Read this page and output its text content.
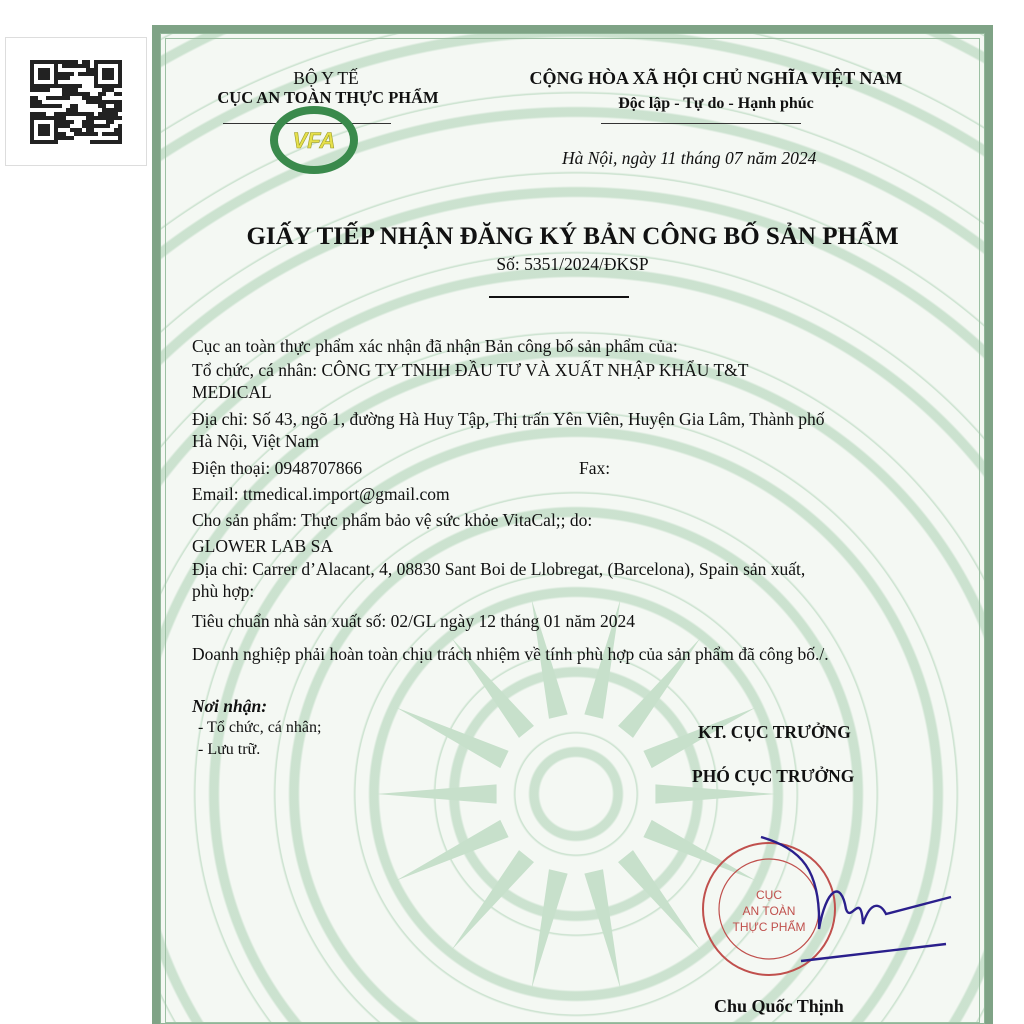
BỘ Y TẾ
CỤC AN TOÀN THỰC PHẨM
VFA
CỘNG HÒA XÃ HỘI CHỦ NGHĨA VIỆT NAM
Độc lập - Tự do - Hạnh phúc
Hà Nội, ngày 11 tháng 07 năm 2024
GIẤY TIẾP NHẬN ĐĂNG KÝ BẢN CÔNG BỐ SẢN PHẨM
Số: 5351/2024/ĐKSP
Cục an toàn thực phẩm xác nhận đã nhận Bản công bố sản phẩm của:
Tổ chức, cá nhân: CÔNG TY TNHH ĐẦU TƯ VÀ XUẤT NHẬP KHẨU T&T
MEDICAL
Địa chỉ: Số 43, ngõ 1, đường Hà Huy Tập, Thị trấn Yên Viên, Huyện Gia Lâm, Thành phố
Hà Nội, Việt Nam
Điện thoại: 0948707866	Fax:
Email: ttmedical.import@gmail.com
Cho sản phẩm: Thực phẩm bảo vệ sức khỏe VitaCal;; do:
GLOWER LAB SA
Địa chỉ: Carrer d’Alacant, 4, 08830 Sant Boi de Llobregat, (Barcelona), Spain sản xuất,
phù hợp:
Tiêu chuẩn nhà sản xuất số: 02/GL ngày 12 tháng 01 năm 2024
Doanh nghiệp phải hoàn toàn chịu trách nhiệm về tính phù hợp của sản phẩm đã công bố./.
Nơi nhận:
- Tổ chức, cá nhân;
- Lưu trữ.
KT. CỤC TRƯỞNG
PHÓ CỤC TRƯỞNG
CỤC
AN TOÀN
THỰC PHẨM
Chu Quốc Thịnh
